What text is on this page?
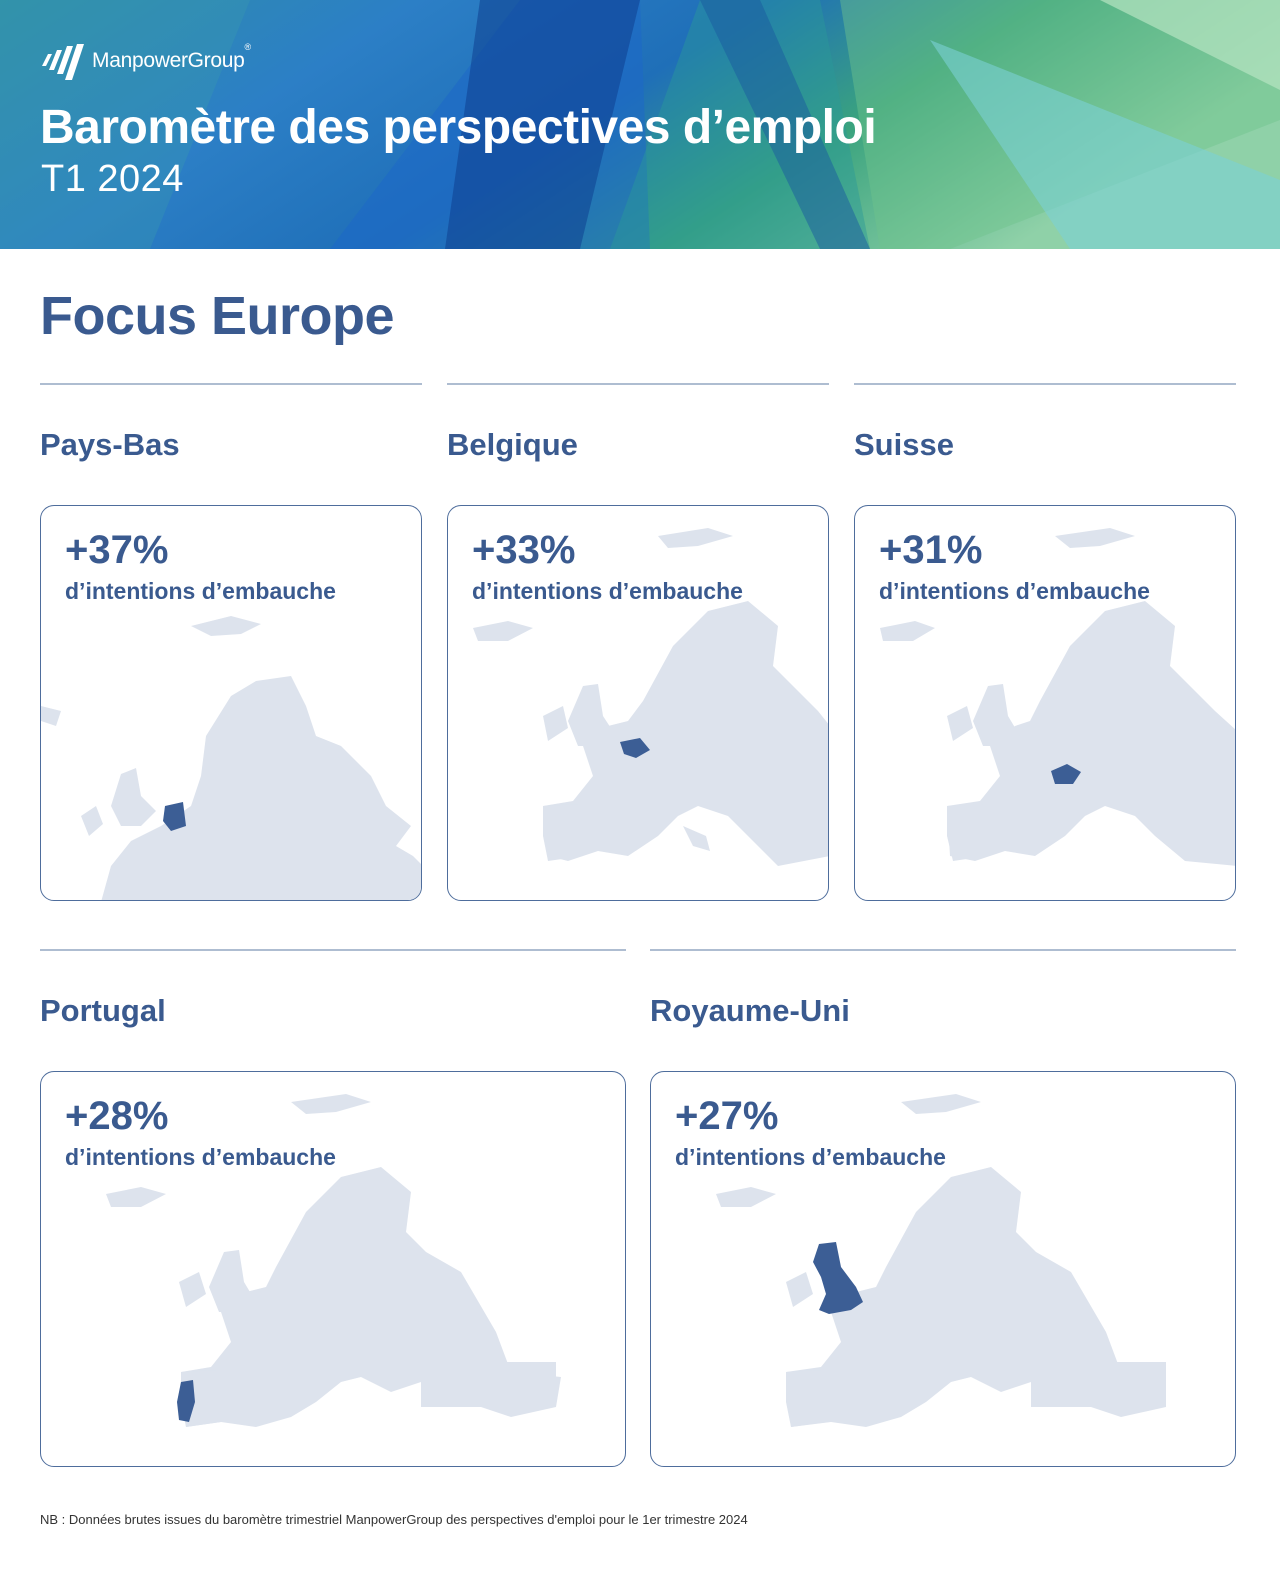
ManpowerGroup
®
Baromètre des perspectives d’emploi
T1 2024
Focus Europe
Pays-Bas	Belgique	Suisse
+37%
d’intentions d’embauche
+33%
d’intentions d’embauche
+31%
d’intentions d’embauche
Portugal	Royaume-Uni
+28%
d’intentions d’embauche
+27%
d’intentions d’embauche
NB : Données brutes issues du baromètre trimestriel ManpowerGroup des perspectives d'emploi pour le 1er trimestre 2024
